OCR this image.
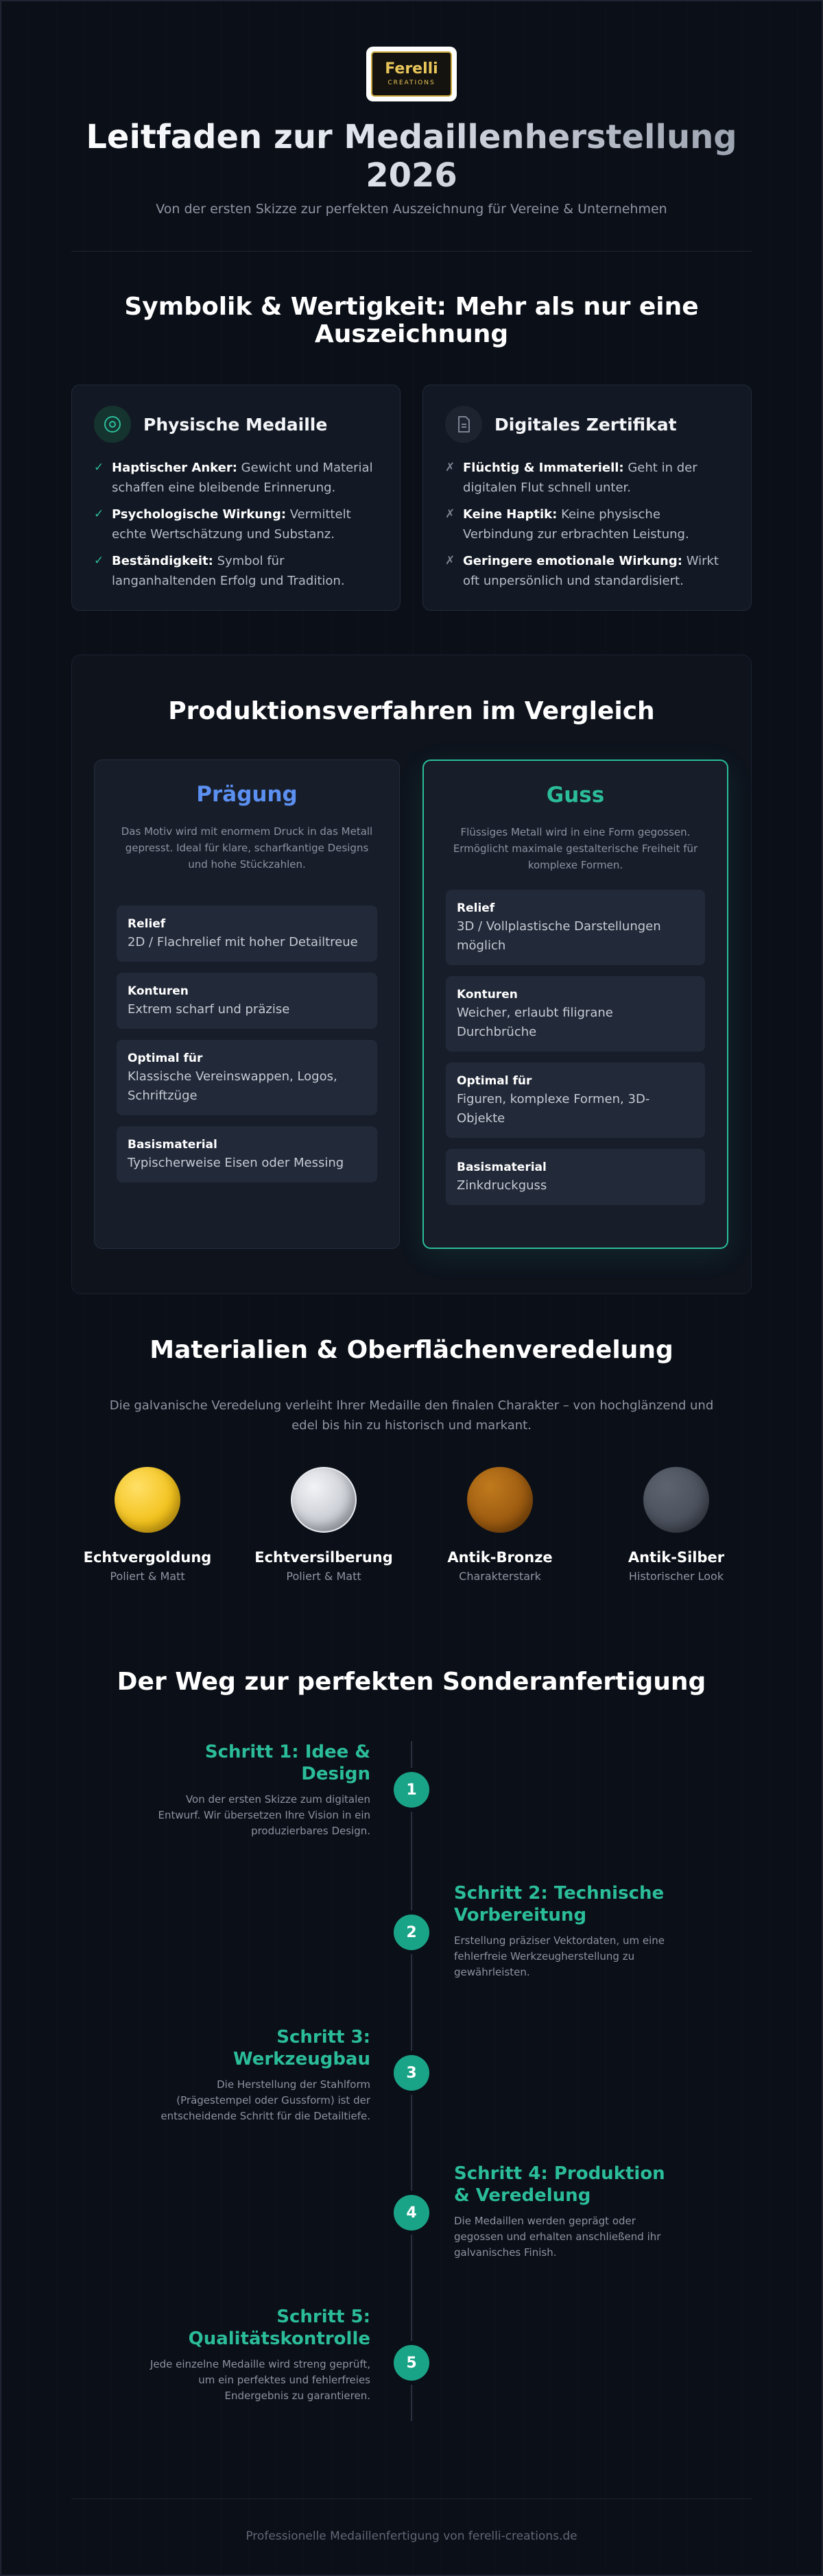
Ferelli
CREATIONS
Leitfaden zur Medaillenherstellung 2026

Von der ersten Skizze zur perfekten Auszeichnung für Vereine & Unternehmen

Symbolik & Wertigkeit: Mehr als nur eine Auszeichnung
Physische Medaille
✓ Haptischer Anker: Gewicht und Material schaffen eine bleibende Erinnerung.
✓ Psychologische Wirkung: Vermittelt echte Wertschätzung und Substanz.
✓ Beständigkeit: Symbol für langanhaltenden Erfolg und Tradition.
Digitales Zertifikat
✗ Flüchtig & Immateriell: Geht in der digitalen Flut schnell unter.
✗ Keine Haptik: Keine physische Verbindung zur erbrachten Leistung.
✗ Geringere emotionale Wirkung: Wirkt oft unpersönlich und standardisiert.
Produktionsverfahren im Vergleich
Prägung
Das Motiv wird mit enormem Druck in das Metall gepresst. Ideal für klare, scharfkantige Designs und hohe Stückzahlen.
Relief
2D / Flachrelief mit hoher Detailtreue
Konturen
Extrem scharf und präzise
Optimal für
Klassische Vereinswappen, Logos, Schriftzüge
Basismaterial
Typischerweise Eisen oder Messing
Guss
Flüssiges Metall wird in eine Form gegossen. Ermöglicht maximale gestalterische Freiheit für komplexe Formen.
Relief
3D / Vollplastische Darstellungen möglich
Konturen
Weicher, erlaubt filigrane Durchbrüche
Optimal für
Figuren, komplexe Formen, 3D-Objekte
Basismaterial
Zinkdruckguss
Materialien & Oberflächenveredelung

Die galvanische Veredelung verleiht Ihrer Medaille den finalen Charakter – von hochglänzend und edel bis hin zu historisch und markant.

Echtvergoldung
Poliert & Matt
Echtversilberung
Poliert & Matt
Antik-Bronze
Charakterstark
Antik-Silber
Historischer Look
Der Weg zur perfekten Sonderanfertigung
1
Schritt 1: Idee & Design
Von der ersten Skizze zum digitalen Entwurf. Wir übersetzen Ihre Vision in ein produzierbares Design.
2
Schritt 2: Technische Vorbereitung
Erstellung präziser Vektordaten, um eine fehlerfreie Werkzeugherstellung zu gewährleisten.
3
Schritt 3: Werkzeugbau
Die Herstellung der Stahlform (Prägestempel oder Gussform) ist der entscheidende Schritt für die Detailtiefe.
4
Schritt 4: Produktion & Veredelung
Die Medaillen werden geprägt oder gegossen und erhalten anschließend ihr galvanisches Finish.
5
Schritt 5: Qualitätskontrolle
Jede einzelne Medaille wird streng geprüft, um ein perfektes und fehlerfreies Endergebnis zu garantieren.
Professionelle Medaillenfertigung von ferelli-creations.de
